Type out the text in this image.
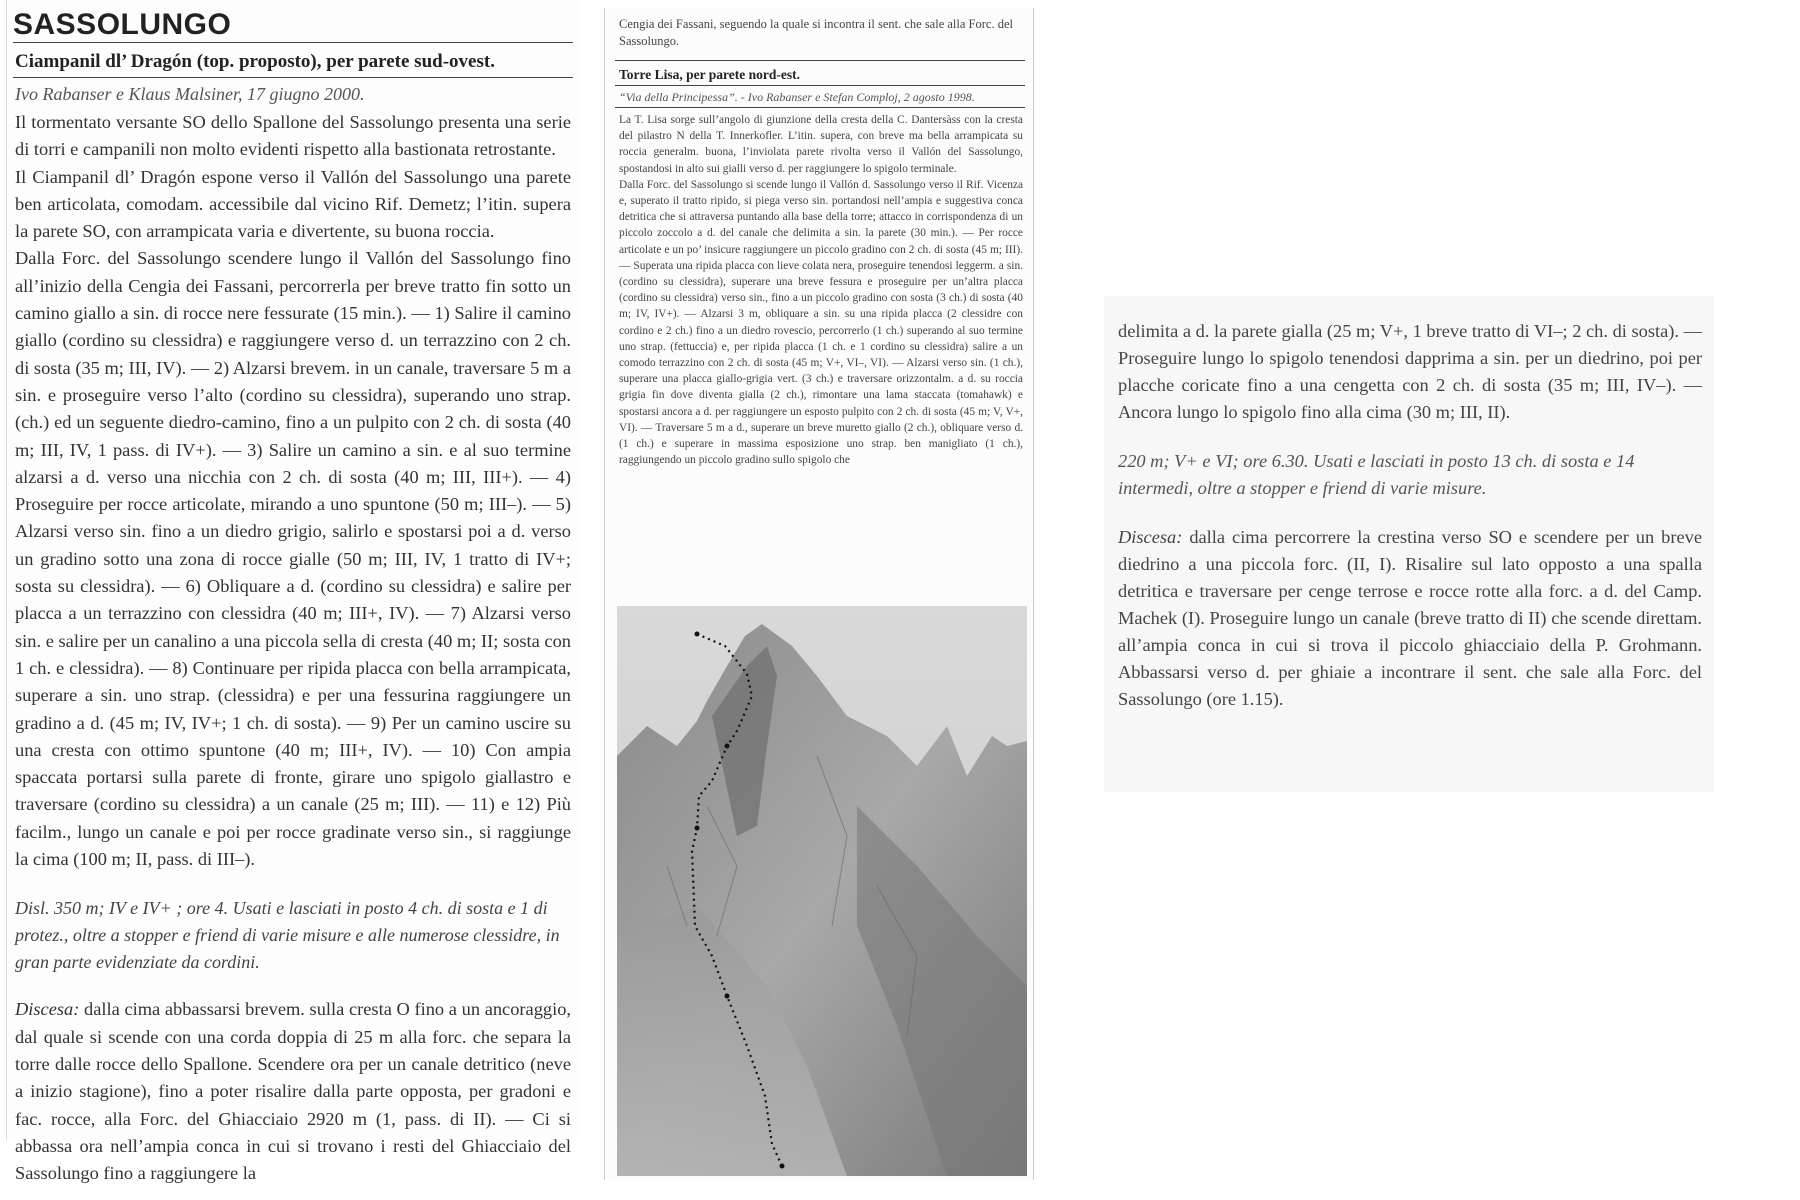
SASSOLUNGO
Ciampanil dl’ Dragón (top. proposto), per parete sud-ovest.
Ivo Rabanser e Klaus Malsiner, 17 giugno 2000.

Il tormentato versante SO dello Spallone del Sassolungo presenta una serie di torri e campanili non molto evidenti rispetto alla bastionata retrostante.

Il Ciampanil dl’ Dragón espone verso il Vallón del Sassolungo una parete ben articolata, comodam. accessibile dal vicino Rif. Demetz; l’itin. supera la parete SO, con arrampicata varia e divertente, su buona roccia.

Dalla Forc. del Sassolungo scendere lungo il Vallón del Sassolungo fino all’inizio della Cengia dei Fassani, percorrerla per breve tratto fin sotto un camino giallo a sin. di rocce nere fessurate (15 min.). — 1) Salire il camino giallo (cordino su clessidra) e raggiungere verso d. un terrazzino con 2 ch. di sosta (35 m; III, IV). — 2) Alzarsi brevem. in un canale, traversare 5 m a sin. e proseguire verso l’alto (cordino su clessidra), superando uno strap. (ch.) ed un seguente diedro-camino, fino a un pulpito con 2 ch. di sosta (40 m; III, IV, 1 pass. di IV+). — 3) Salire un camino a sin. e al suo termine alzarsi a d. verso una nicchia con 2 ch. di sosta (40 m; III, III+). — 4) Proseguire per rocce articolate, mirando a uno spuntone (50 m; III–). — 5) Alzarsi verso sin. fino a un diedro grigio, salirlo e spostarsi poi a d. verso un gradino sotto una zona di rocce gialle (50 m; III, IV, 1 tratto di IV+; sosta su clessidra). — 6) Obliquare a d. (cordino su clessidra) e salire per placca a un terrazzino con clessidra (40 m; III+, IV). — 7) Alzarsi verso sin. e salire per un canalino a una piccola sella di cresta (40 m; II; sosta con 1 ch. e clessidra). — 8) Continuare per ripida placca con bella arrampicata, superare a sin. uno strap. (clessidra) e per una fessurina raggiungere un gradino a d. (45 m; IV, IV+; 1 ch. di sosta). — 9) Per un camino uscire su una cresta con ottimo spuntone (40 m; III+, IV). — 10) Con ampia spaccata portarsi sulla parete di fronte, girare uno spigolo giallastro e traversare (cordino su clessidra) a un canale (25 m; III). — 11) e 12) Più facilm., lungo un canale e poi per rocce gradinate verso sin., si raggiunge la cima (100 m; II, pass. di III–).

Disl. 350 m; IV e IV+ ; ore 4. Usati e lasciati in posto 4 ch. di sosta e 1 di protez., oltre a stopper e friend di varie misure e alle numerose clessidre, in gran parte evidenziate da cordini.
Discesa: dalla cima abbassarsi brevem. sulla cresta O fino a un ancoraggio, dal quale si scende con una corda doppia di 25 m alla forc. che separa la torre dalle rocce dello Spallone. Scendere ora per un canale detritico (neve a inizio stagione), fino a poter risalire dalla parte opposta, per gradoni e fac. rocce, alla Forc. del Ghiacciaio 2920 m (1, pass. di II). — Ci si abbassa ora nell’ampia conca in cui si trovano i resti del Ghiacciaio del Sassolungo fino a raggiungere la
Cengia dei Fassani, seguendo la quale si incontra il sent. che sale alla Forc. del Sassolungo.
Torre Lisa, per parete nord-est.
“Via della Principessa”. - Ivo Rabanser e Stefan Comploj, 2 agosto 1998.

La T. Lisa sorge sull’angolo di giunzione della cresta della C. Dantersàss con la cresta del pilastro N della T. Innerkofler. L’itin. supera, con breve ma bella arrampicata su roccia generalm. buona, l’inviolata parete rivolta verso il Vallón del Sassolungo, spostandosi in alto sui gialli verso d. per raggiungere lo spigolo terminale.

Dalla Forc. del Sassolungo si scende lungo il Vallón d. Sassolungo verso il Rif. Vicenza e, superato il tratto ripido, si piega verso sin. portandosi nell’ampia e suggestiva conca detritica che si attraversa puntando alla base della torre; attacco in corrispondenza di un piccolo zoccolo a d. del canale che delimita a sin. la parete (30 min.). — Per rocce articolate e un po’ insicure raggiungere un piccolo gradino con 2 ch. di sosta (45 m; III). — Superata una ripida placca con lieve colata nera, proseguire tenendosi leggerm. a sin. (cordino su clessidra), superare una breve fessura e proseguire per un’altra placca (cordino su clessidra) verso sin., fino a un piccolo gradino con sosta (3 ch.) di sosta (40 m; IV, IV+). — Alzarsi 3 m, obliquare a sin. su una ripida placca (2 clessidre con cordino e 2 ch.) fino a un diedro rovescio, percorrerlo (1 ch.) superando al suo termine uno strap. (fettuccia) e, per ripida placca (1 ch. e 1 cordino su clessidra) salire a un comodo terrazzino con 2 ch. di sosta (45 m; V+, VI–, VI). — Alzarsi verso sin. (1 ch.), superare una placca giallo-grigia vert. (3 ch.) e traversare orizzontalm. a d. su roccia grigia fin dove diventa gialla (2 ch.), rimontare una lama staccata (tomahawk) e spostarsi ancora a d. per raggiungere un esposto pulpito con 2 ch. di sosta (45 m; V, V+, VI). — Traversare 5 m a d., superare un breve muretto giallo (2 ch.), obliquare verso d. (1 ch.) e superare in massima esposizione uno strap. ben manigliato (1 ch.), raggiungendo un piccolo gradino sullo spigolo che

delimita a d. la parete gialla (25 m; V+, 1 breve tratto di VI–; 2 ch. di sosta). — Proseguire lungo lo spigolo tenendosi dapprima a sin. per un diedrino, poi per placche coricate fino a una cengetta con 2 ch. di sosta (35 m; III, IV–). — Ancora lungo lo spigolo fino alla cima (30 m; III, II).
220 m; V+ e VI; ore 6.30. Usati e lasciati in posto 13 ch. di sosta e 14 intermedi, oltre a stopper e friend di varie misure.
Discesa: dalla cima percorrere la crestina verso SO e scendere per un breve diedrino a una piccola forc. (II, I). Risalire sul lato opposto a una spalla detritica e traversare per cenge terrose e rocce rotte alla forc. a d. del Camp. Machek (I). Proseguire lungo un canale (breve tratto di II) che scende direttam. all’ampia conca in cui si trova il piccolo ghiacciaio della P. Grohmann. Abbassarsi verso d. per ghiaie a incontrare il sent. che sale alla Forc. del Sassolungo (ore 1.15).
